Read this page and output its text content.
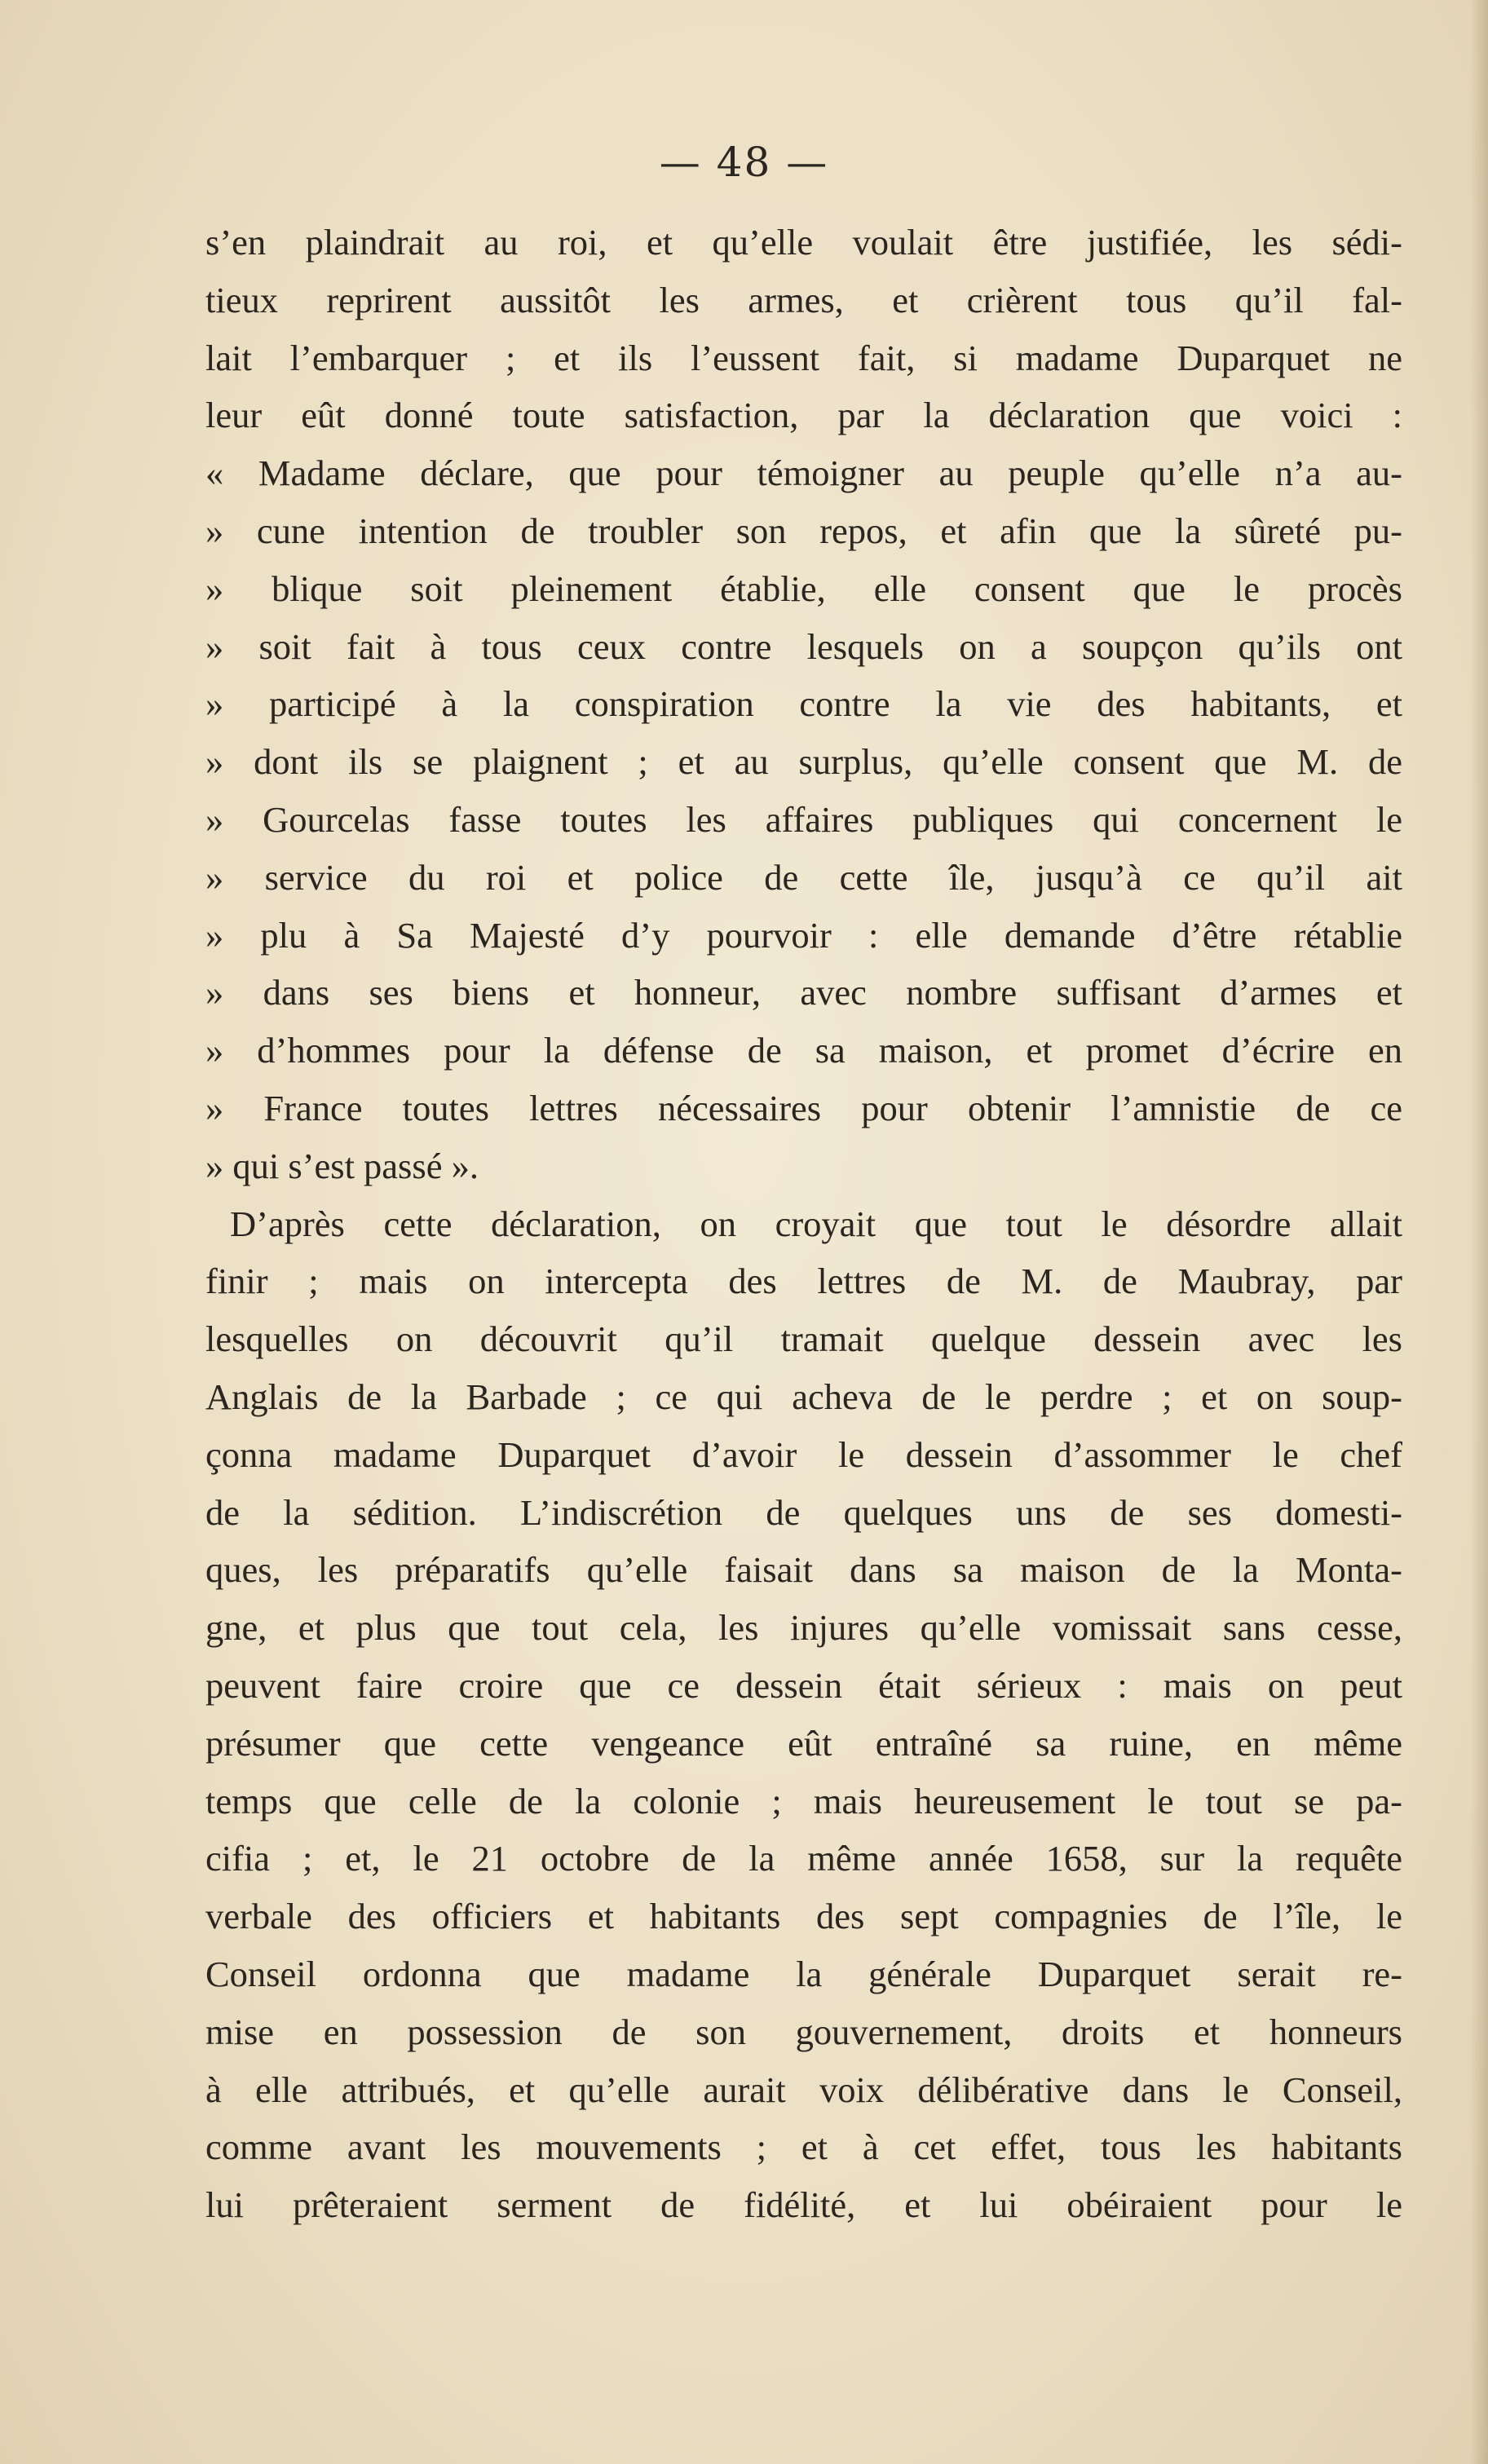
— 48 —
s’en plaindrait au roi, et qu’elle voulait être justifiée, les sédi-
tieux reprirent aussitôt les armes, et crièrent tous qu’il fal-
lait l’embarquer ; et ils l’eussent fait, si madame Duparquet ne
leur eût donné toute satisfaction, par la déclaration que voici :
« Madame déclare, que pour témoigner au peuple qu’elle n’a au-
» cune intention de troubler son repos, et afin que la sûreté pu-
» blique soit pleinement établie, elle consent que le procès
» soit fait à tous ceux contre lesquels on a soupçon qu’ils ont
» participé à la conspiration contre la vie des habitants, et
» dont ils se plaignent ; et au surplus, qu’elle consent que M. de
» Gourcelas fasse toutes les affaires publiques qui concernent le
» service du roi et police de cette île, jusqu’à ce qu’il ait
» plu à Sa Majesté d’y pourvoir : elle demande d’être rétablie
» dans ses biens et honneur, avec nombre suffisant d’armes et
» d’hommes pour la défense de sa maison, et promet d’écrire en
» France toutes lettres nécessaires pour obtenir l’amnistie de ce
» qui s’est passé ».
D’après cette déclaration, on croyait que tout le désordre allait
finir ; mais on intercepta des lettres de M. de Maubray, par
lesquelles on découvrit qu’il tramait quelque dessein avec les
Anglais de la Barbade ; ce qui acheva de le perdre ; et on soup-
çonna madame Duparquet d’avoir le dessein d’assommer le chef
de la sédition. L’indiscrétion de quelques uns de ses domesti-
ques, les préparatifs qu’elle faisait dans sa maison de la Monta-
gne, et plus que tout cela, les injures qu’elle vomissait sans cesse,
peuvent faire croire que ce dessein était sérieux : mais on peut
présumer que cette vengeance eût entraîné sa ruine, en même
temps que celle de la colonie ; mais heureusement le tout se pa-
cifia ; et, le 21 octobre de la même année 1658, sur la requête
verbale des officiers et habitants des sept compagnies de l’île, le
Conseil ordonna que madame la générale Duparquet serait re-
mise en possession de son gouvernement, droits et honneurs
à elle attribués, et qu’elle aurait voix délibérative dans le Conseil,
comme avant les mouvements ; et à cet effet, tous les habitants
lui prêteraient serment de fidélité, et lui obéiraient pour le
